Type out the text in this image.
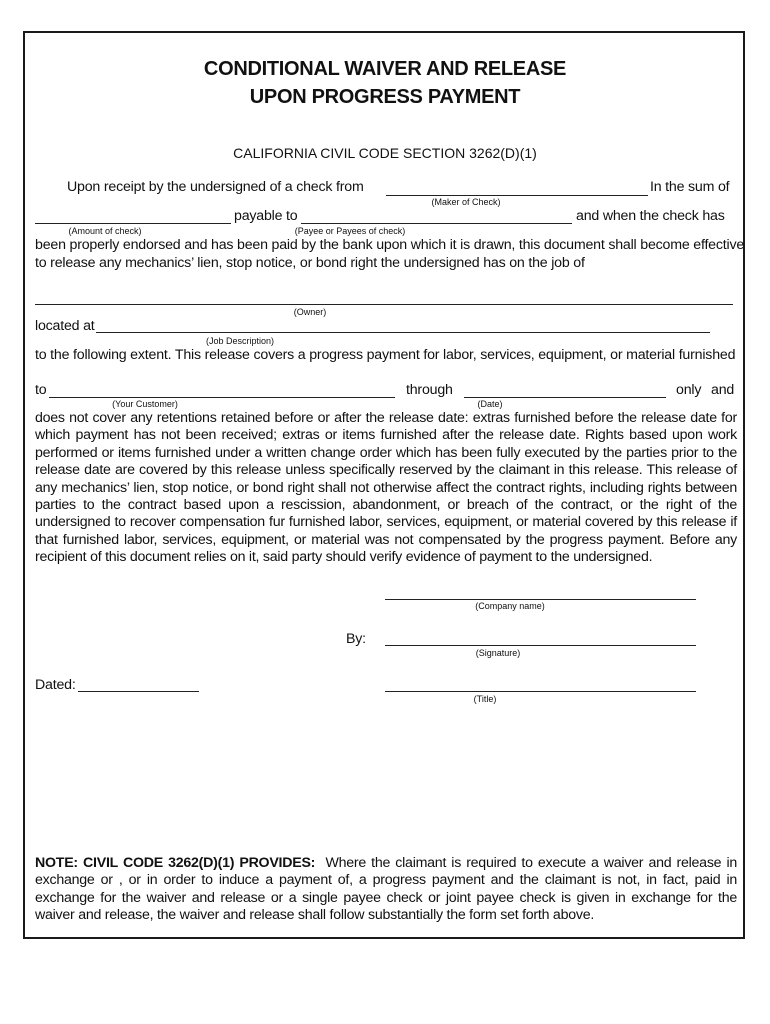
CONDITIONAL WAIVER AND RELEASE
UPON PROGRESS PAYMENT
CALIFORNIA CIVIL CODE SECTION 3262(D)(1)
Upon receipt by the undersigned of a check from	In the sum of
(Maker of Check)
payable to	and when the check has
(Amount of check)	(Payee or Payees of check)
been properly endorsed and has been paid by the bank upon which it is drawn, this document shall become effective
to release any mechanics’ lien, stop notice, or bond right the undersigned has on the job of
(Owner)
located at
(Job Description)
to the following extent. This release covers a progress payment for labor, services, equipment, or material furnished
to	through	only and
(Your Customer)	(Date)
does not cover any retentions retained before or after the release date: extras furnished before the release date for which payment has not been received; extras or items furnished after the release date. Rights based upon work performed or items furnished under a written change order which has been fully executed by the parties prior to the release date are covered by this release unless specifically reserved by the claimant in this release. This release of any mechanics’ lien, stop notice, or bond right shall not otherwise affect the contract rights, including rights between parties to the contract based upon a rescission, abandonment, or breach of the contract, or the right of the undersigned to recover compensation fur furnished labor, services, equipment, or material covered by this release if that furnished labor, services, equipment, or material was not compensated by the progress payment. Before any recipient of this document relies on it, said party should verify evidence of payment to the undersigned.
(Company name)
By:
(Signature)
Dated:
(Title)
NOTE: CIVIL CODE 3262(D)(1) PROVIDES: Where the claimant is required to execute a waiver and release in exchange or , or in order to induce a payment of, a progress payment and the claimant is not, in fact, paid in exchange for the waiver and release or a single payee check or joint payee check is given in exchange for the waiver and release, the waiver and release shall follow substantially the form set forth above.
